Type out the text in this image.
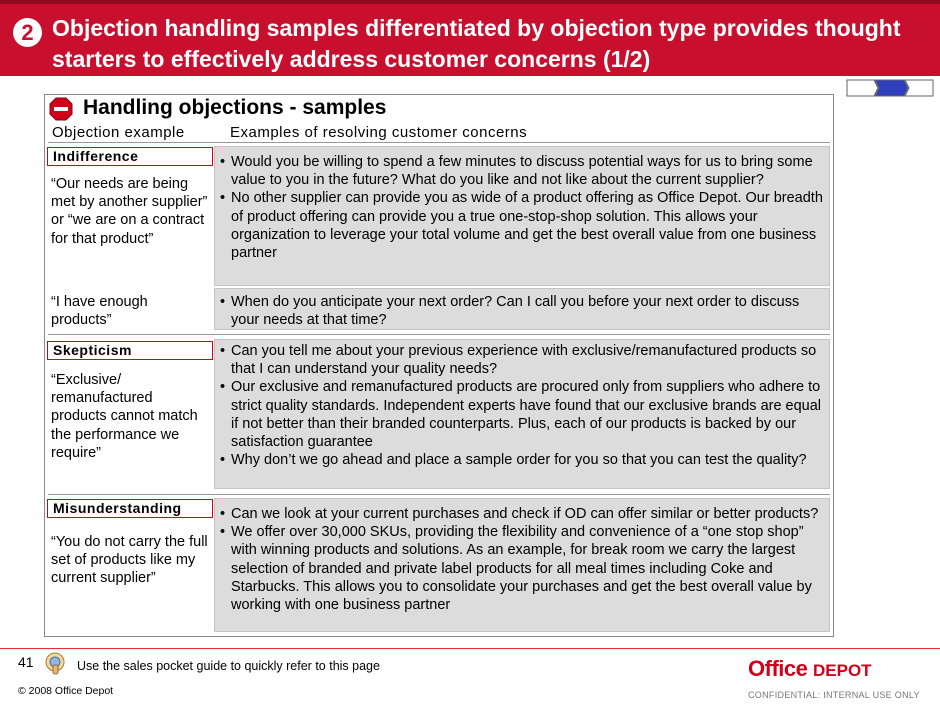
2 Objection handling samples differentiated by objection type provides thought starters to effectively address customer concerns (1/2)
Handling objections - samples
Objection example	Examples of resolving customer concerns
Indifference
“Our needs are being met by another supplier” or “we are on a contract for that product”
• Would you be willing to spend a few minutes to discuss potential ways for us to bring some value to you in the future? What do you like and not like about the current supplier?
• No other supplier can provide you as wide of a product offering as Office Depot. Our breadth of product offering can provide you a true one-stop-shop solution. This allows your organization to leverage your total volume and get the best overall value from one business partner
“I have enough products”
• When do you anticipate your next order? Can I call you before your next order to discuss your needs at that time?
Skepticism
“Exclusive/ remanufactured products cannot match the performance we require”
• Can you tell me about your previous experience with exclusive/remanufactured products so that I can understand your quality needs?
• Our exclusive and remanufactured products are procured only from suppliers who adhere to strict quality standards. Independent experts have found that our exclusive brands are equal if not better than their branded counterparts. Plus, each of our products is backed by our satisfaction guarantee
• Why don’t we go ahead and place a sample order for you so that you can test the quality?
Misunderstanding
“You do not carry the full set of products like my current supplier”
• Can we look at your current purchases and check if OD can offer similar or better products?
• We offer over 30,000 SKUs, providing the flexibility and convenience of a “one stop shop” with winning products and solutions. As an example, for break room we carry the largest selection of branded and private label products for all meal times including Coke and Starbucks. This allows you to consolidate your purchases and get the best overall value by working with one business partner
41	Use the sales pocket guide to quickly refer to this page
© 2008 Office Depot
Office DEPOT
CONFIDENTIAL: INTERNAL USE ONLY
